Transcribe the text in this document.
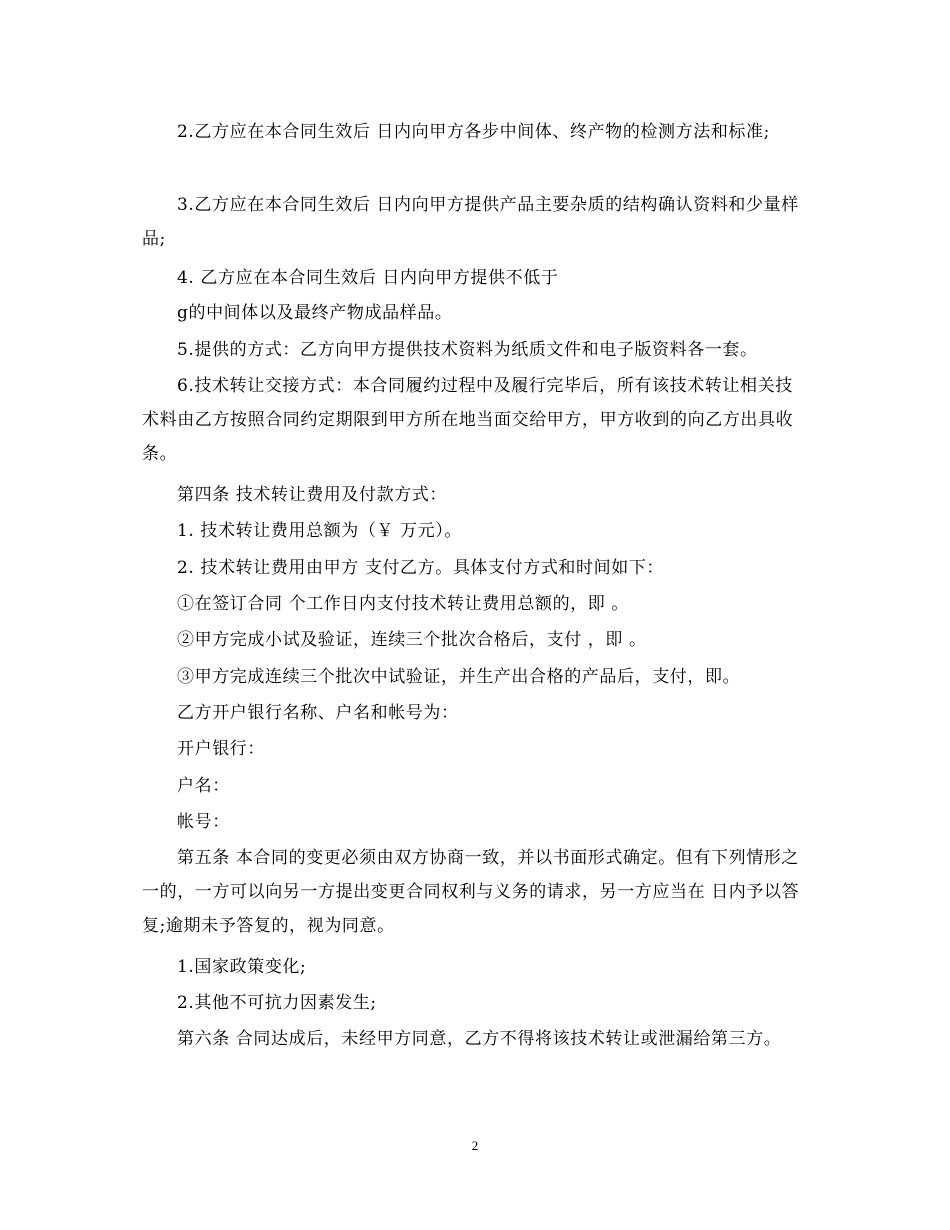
2.乙方应在本合同生效后 日内向甲方各步中间体、终产物的检测方法和标准;
3.乙方应在本合同生效后 日内向甲方提供产品主要杂质的结构确认资料和少量样品;
4. 乙方应在本合同生效后 日内向甲方提供不低于
g的中间体以及最终产物成品样品。
5.提供的方式：乙方向甲方提供技术资料为纸质文件和电子版资料各一套。
6.技术转让交接方式：本合同履约过程中及履行完毕后，所有该技术转让相关技术料由乙方按照合同约定期限到甲方所在地当面交给甲方，甲方收到的向乙方出具收条。
第四条 技术转让费用及付款方式：
1. 技术转让费用总额为（￥ 万元）。
2. 技术转让费用由甲方 支付乙方。具体支付方式和时间如下：
①在签订合同 个工作日内支付技术转让费用总额的，即 。
②甲方完成小试及验证，连续三个批次合格后，支付 ，即 。
③甲方完成连续三个批次中试验证，并生产出合格的产品后，支付，即。
乙方开户银行名称、户名和帐号为：
开户银行：
户名：
帐号：
第五条 本合同的变更必须由双方协商一致，并以书面形式确定。但有下列情形之一的，一方可以向另一方提出变更合同权利与义务的请求，另一方应当在 日内予以答复;逾期未予答复的，视为同意。
1.国家政策变化;
2.其他不可抗力因素发生;
第六条 合同达成后，未经甲方同意，乙方不得将该技术转让或泄漏给第三方。
2
